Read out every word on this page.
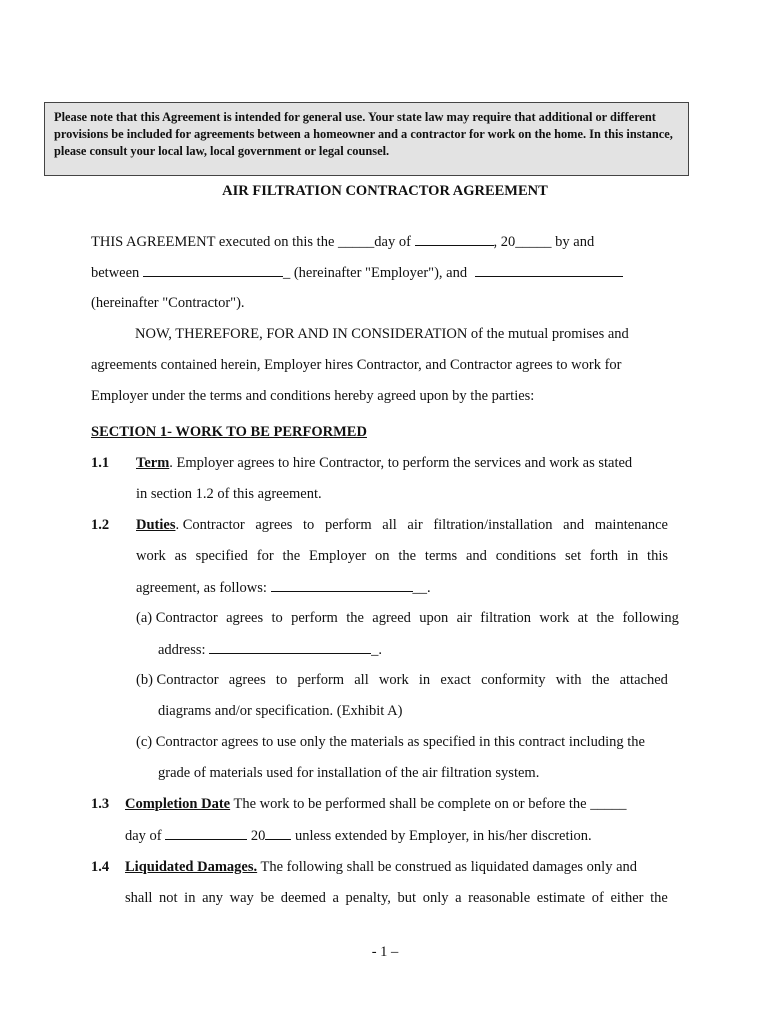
Please note that this Agreement is intended for general use. Your state law may require that additional or different provisions be included for agreements between a homeowner and a contractor for work on the home. In this instance, please consult your local law, local government or legal counsel.
AIR FILTRATION CONTRACTOR AGREEMENT
THIS AGREEMENT executed on this the _____day of	, 20_____ by and
between	_ (hereinafter "Employer"), and
(hereinafter "Contractor").
NOW, THEREFORE, FOR AND IN CONSIDERATION of the mutual promises and
agreements contained herein, Employer hires Contractor, and Contractor agrees to work for
Employer under the terms and conditions hereby agreed upon by the parties:
SECTION 1- WORK TO BE PERFORMED
1.1 Term. Employer agrees to hire Contractor, to perform the services and work as stated
in section 1.2 of this agreement.
1.2 Duties. Contractor agrees to perform all air filtration/installation and maintenance
work as specified for the Employer on the terms and conditions set forth in this
agreement, as follows:	__.
(a) Contractor agrees to perform the agreed upon air filtration work at the following
address:	_.
(b) Contractor agrees to perform all work in exact conformity with the attached
diagrams and/or specification. (Exhibit A)
(c) Contractor agrees to use only the materials as specified in this contract including the
grade of materials used for installation of the air filtration system.
1.3 Completion Date The work to be performed shall be complete on or before the _____
day of	20 unless extended by Employer, in his/her discretion.
1.4 Liquidated Damages. The following shall be construed as liquidated damages only and
shall not in any way be deemed a penalty, but only a reasonable estimate of either the
- 1 –
